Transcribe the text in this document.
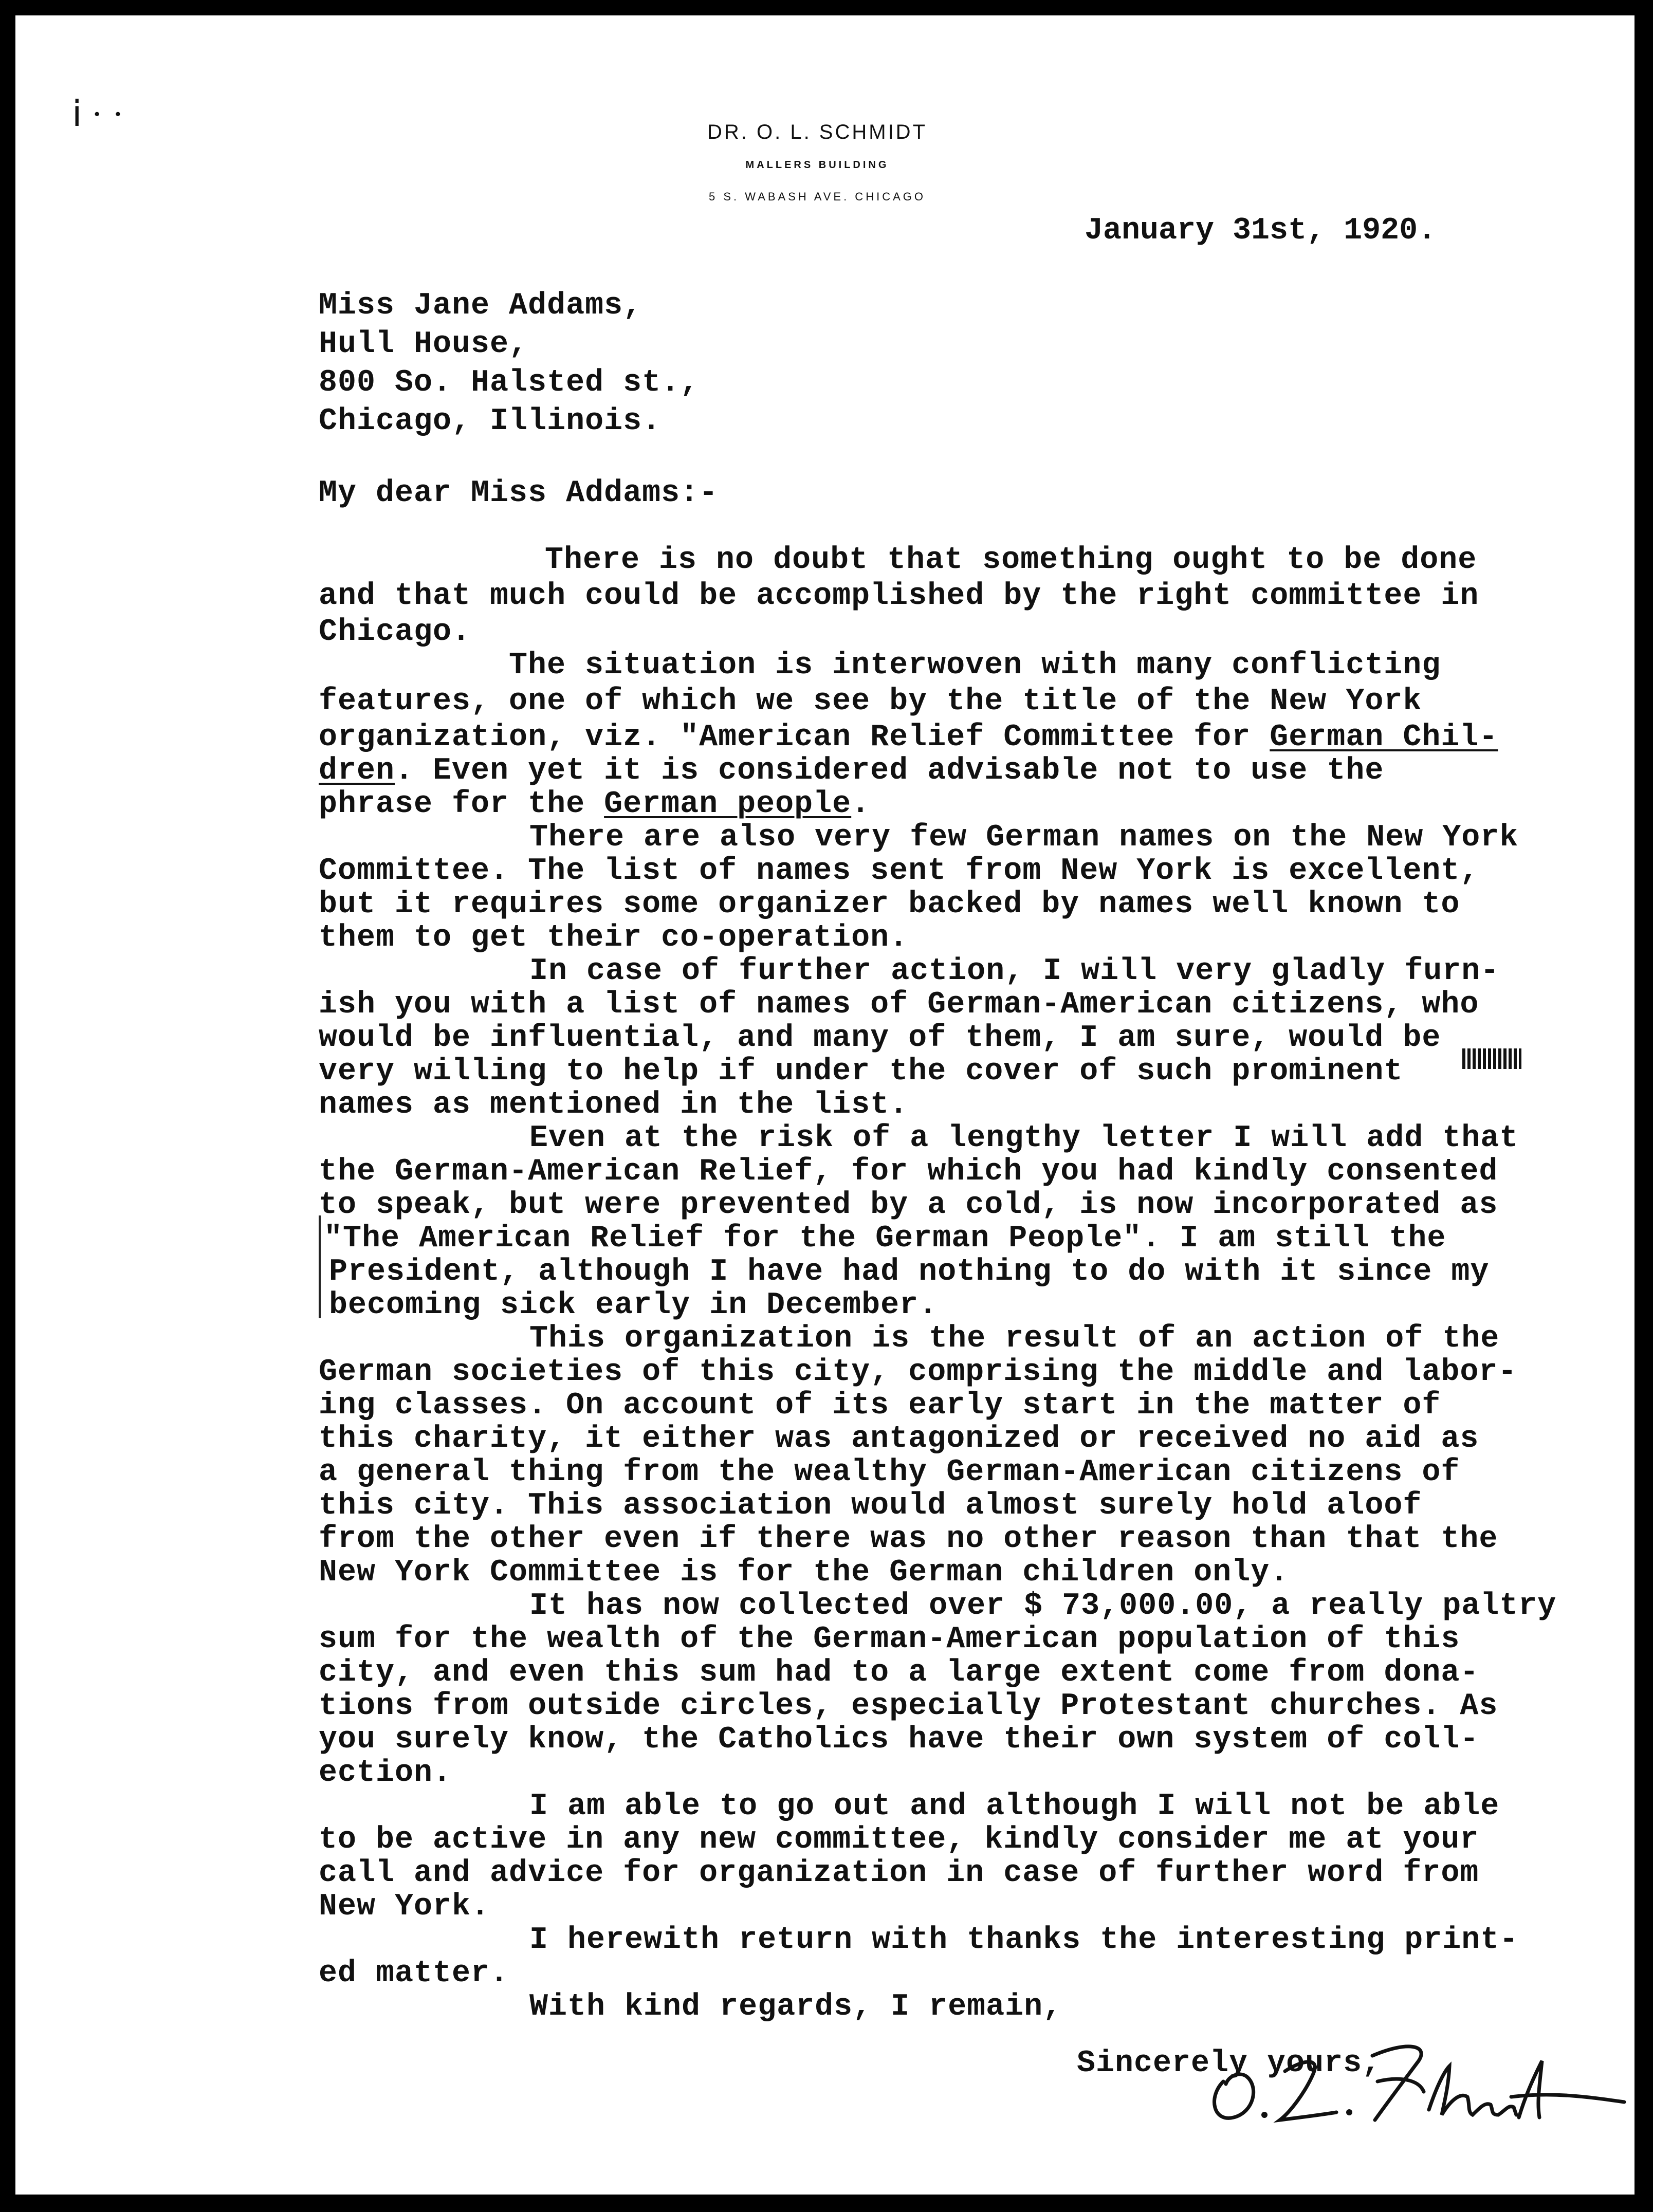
ⅰ · ·	DR. O. L. SCHMIDT
MALLERS BUILDING
5 S. WABASH AVE. CHICAGO
January 31st, 1920.
Miss Jane Addams,
Hull House,
800 So. Halsted st.,
Chicago, Illinois.
My dear Miss Addams:-
There is no doubt that something ought to be done
and that much could be accomplished by the right committee in
Chicago.
The situation is interwoven with many conflicting
features, one of which we see by the title of the New York
organization, viz. "American Relief Committee for German Chil-
dren. Even yet it is considered advisable not to use the
phrase for the German people.
There are also very few German names on the New York
Committee. The list of names sent from New York is excellent,
but it requires some organizer backed by names well known to
them to get their co-operation.
In case of further action, I will very gladly furn-
ish you with a list of names of German-American citizens, who
would be influential, and many of them, I am sure, would be
very willing to help if under the cover of such prominent
names as mentioned in the list.
Even at the risk of a lengthy letter I will add that
the German-American Relief, for which you had kindly consented
to speak, but were prevented by a cold, is now incorporated as
"The American Relief for the German People". I am still the
President, although I have had nothing to do with it since my
becoming sick early in December.
This organization is the result of an action of the
German societies of this city, comprising the middle and labor-
ing classes. On account of its early start in the matter of
this charity, it either was antagonized or received no aid as
a general thing from the wealthy German-American citizens of
this city. This association would almost surely hold aloof
from the other even if there was no other reason than that the
New York Committee is for the German children only.
It has now collected over $ 73,000.00, a really paltry
sum for the wealth of the German-American population of this
city, and even this sum had to a large extent come from dona-
tions from outside circles, especially Protestant churches. As
you surely know, the Catholics have their own system of coll-
ection.
I am able to go out and although I will not be able
to be active in any new committee, kindly consider me at your
call and advice for organization in case of further word from
New York.
I herewith return with thanks the interesting print-
ed matter.
With kind regards, I remain,
Sincerely yours,
